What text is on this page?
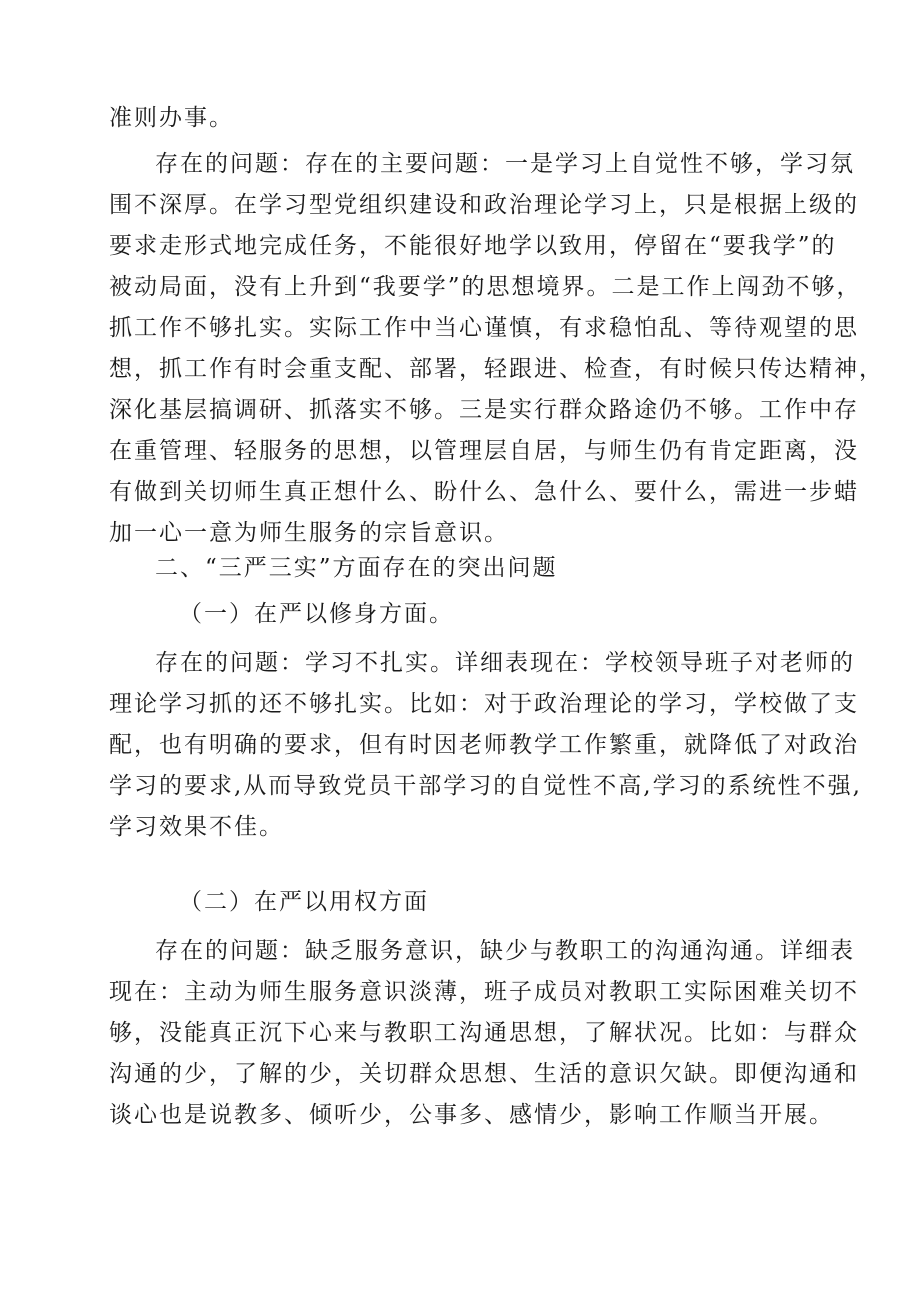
准则办事。
存在的问题：存在的主要问题：一是学习上自觉性不够，学习氛
围不深厚。在学习型党组织建设和政治理论学习上，只是根据上级的
要求走形式地完成任务，不能很好地学以致用，停留在“要我学”的
被动局面，没有上升到“我要学”的思想境界。二是工作上闯劲不够，
抓工作不够扎实。实际工作中当心谨慎，有求稳怕乱、等待观望的思
想，抓工作有时会重支配、部署，轻跟进、检查，有时候只传达精神，
深化基层搞调研、抓落实不够。三是实行群众路途仍不够。工作中存
在重管理、轻服务的思想，以管理层自居，与师生仍有肯定距离，没
有做到关切师生真正想什么、盼什么、急什么、要什么，需进一步蜡
加一心一意为师生服务的宗旨意识。
二、“三严三实”方面存在的突出问题
（一）在严以修身方面。
存在的问题：学习不扎实。详细表现在：学校领导班子对老师的
理论学习抓的还不够扎实。比如：对于政治理论的学习，学校做了支
配，也有明确的要求，但有时因老师教学工作繁重，就降低了对政治
学习的要求,从而导致党员干部学习的自觉性不高,学习的系统性不强,
学习效果不佳。
（二）在严以用权方面
存在的问题：缺乏服务意识，缺少与教职工的沟通沟通。详细表
现在：主动为师生服务意识淡薄，班子成员对教职工实际困难关切不
够，没能真正沉下心来与教职工沟通思想，了解状况。比如：与群众
沟通的少，了解的少，关切群众思想、生活的意识欠缺。即便沟通和
谈心也是说教多、倾听少，公事多、感情少，影响工作顺当开展。
